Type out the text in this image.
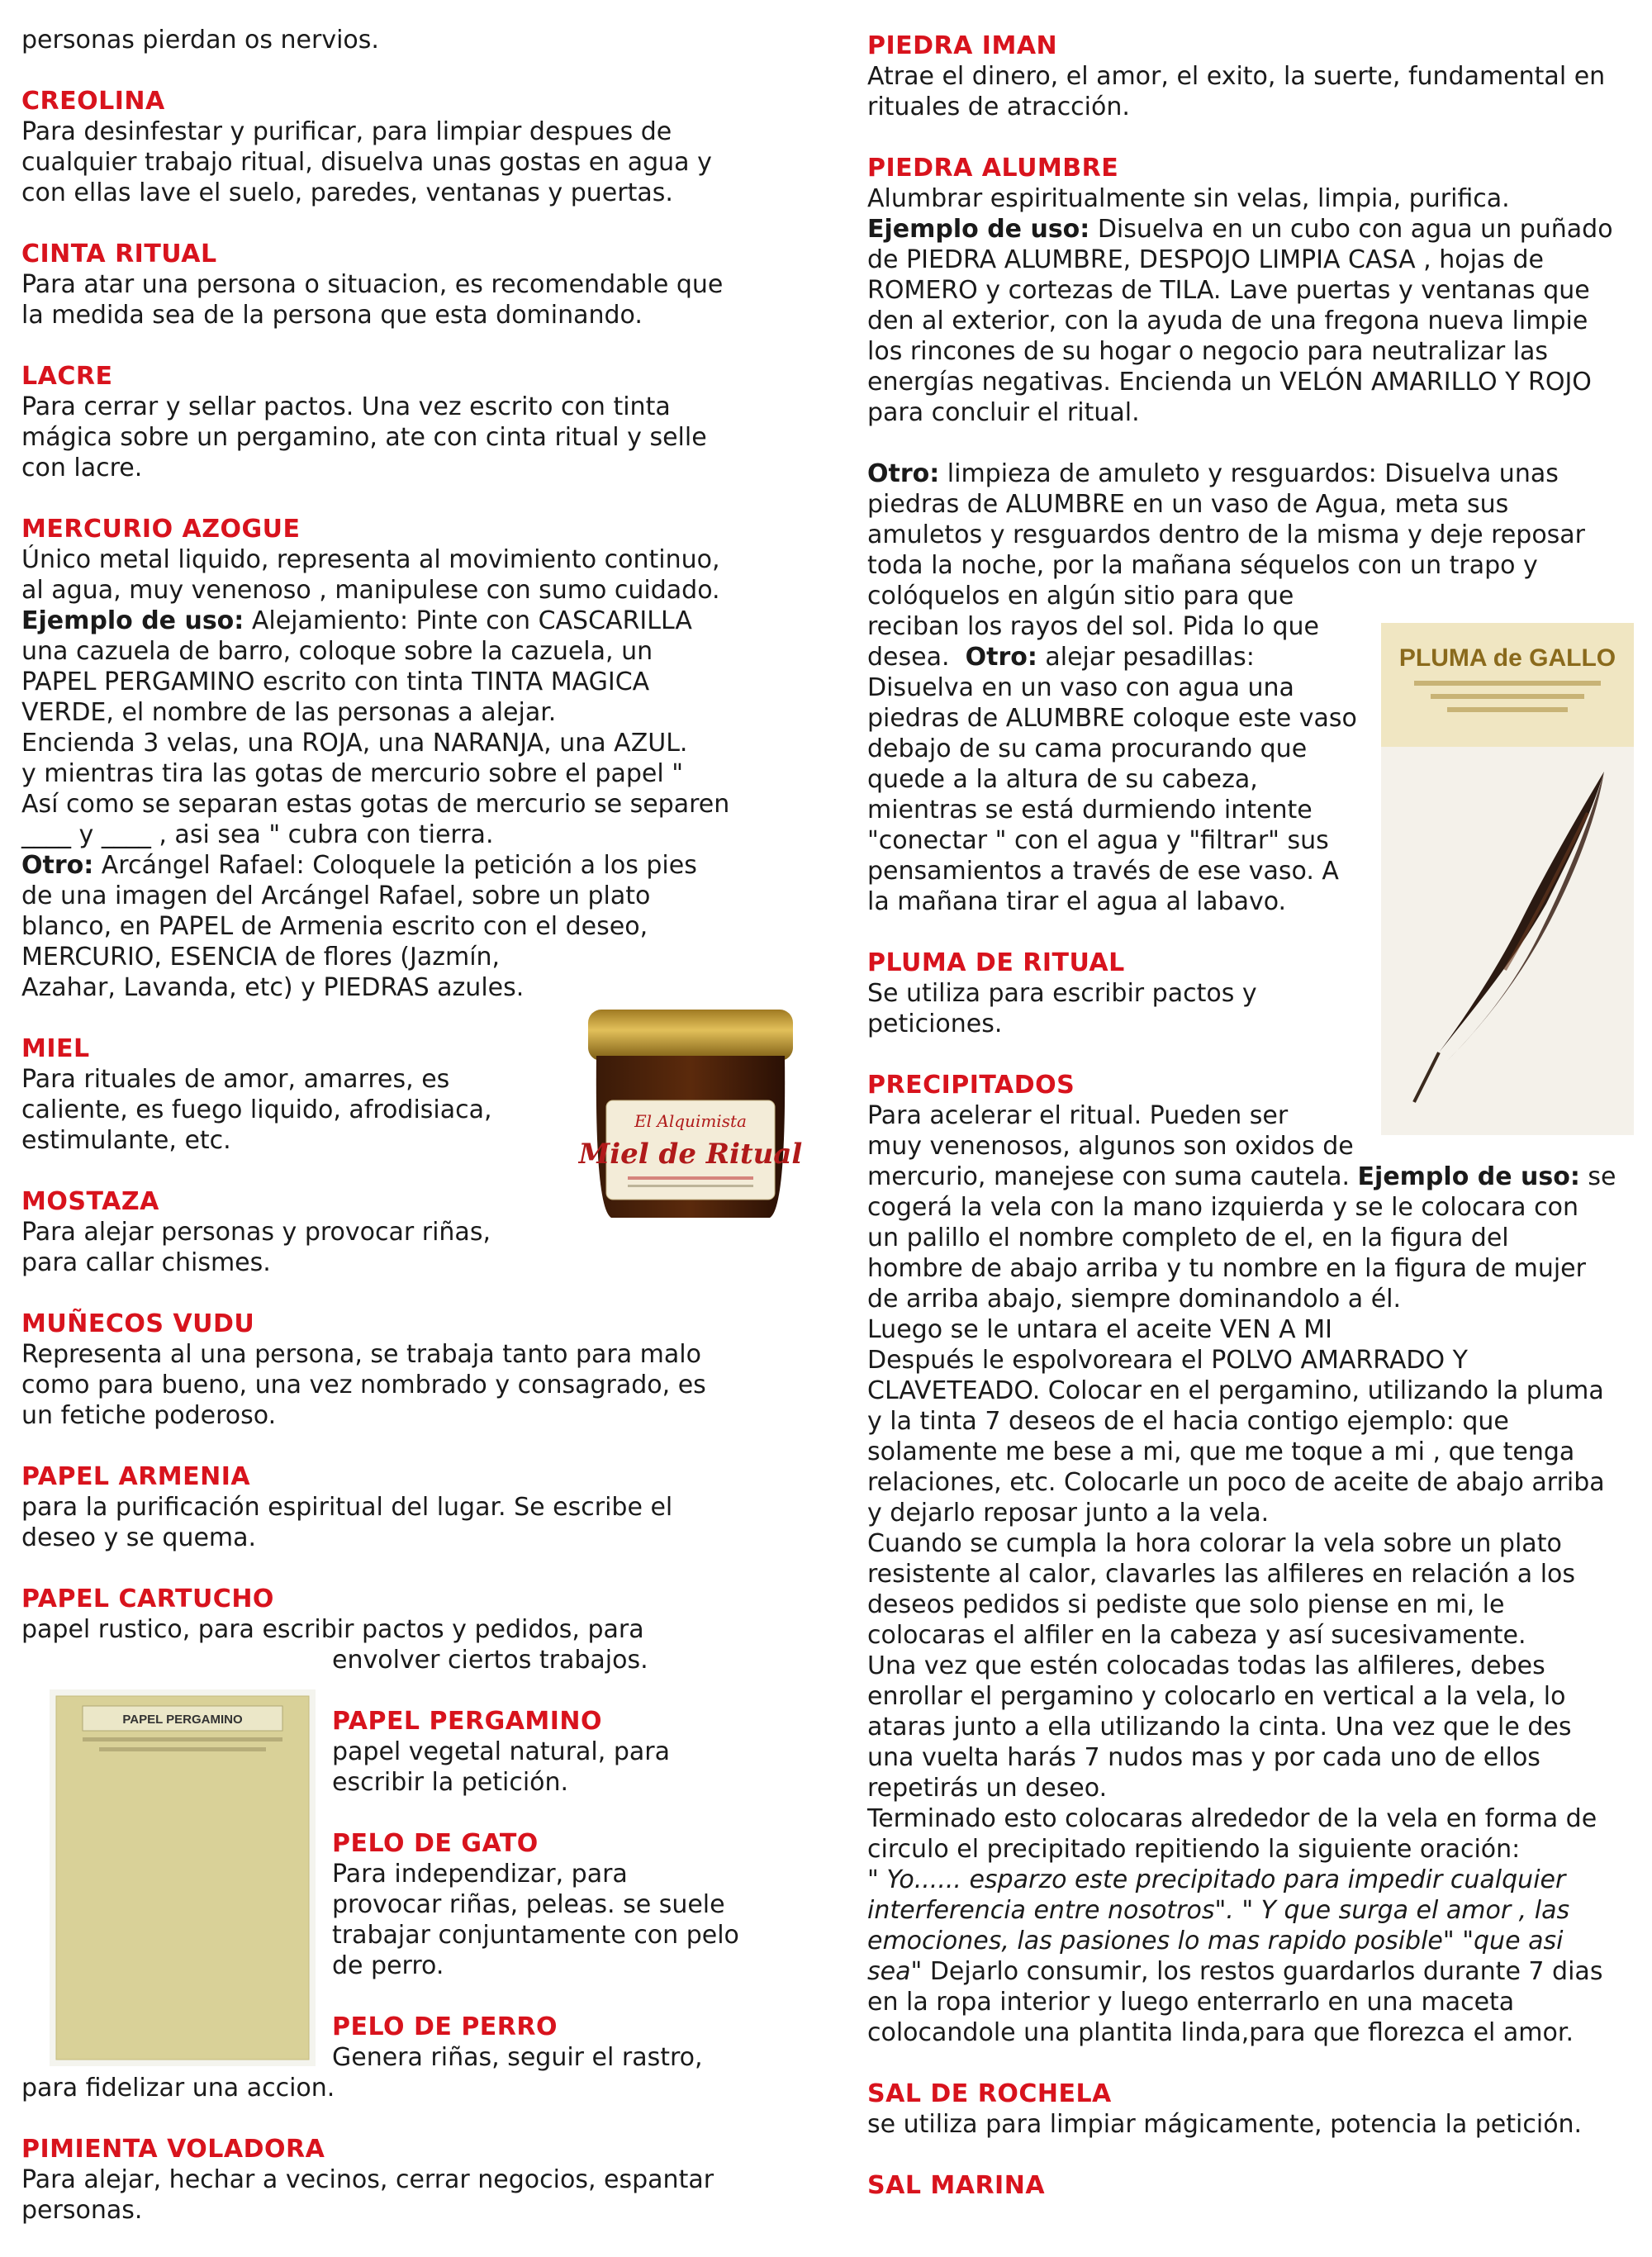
personas pierdan os nervios.

CREOLINA

Para desinfestar y purificar, para limpiar despues de

cualquier trabajo ritual, disuelva unas gostas en agua y

con ellas lave el suelo, paredes, ventanas y puertas.

CINTA RITUAL

Para atar una persona o situacion, es recomendable que

la medida sea de la persona que esta dominando.

LACRE

Para cerrar y sellar pactos. Una vez escrito con tinta

mágica sobre un pergamino, ate con cinta ritual y selle

con lacre.

MERCURIO AZOGUE

Único metal liquido, representa al movimiento continuo,

al agua, muy venenoso , manipulese con sumo cuidado.

Ejemplo de uso: Alejamiento: Pinte con CASCARILLA

una cazuela de barro, coloque sobre la cazuela, un

PAPEL PERGAMINO escrito con tinta TINTA MAGICA

VERDE, el nombre de las personas a alejar.

Encienda 3 velas, una ROJA, una NARANJA, una AZUL.

y mientras tira las gotas de mercurio sobre el papel "

Así como se separan estas gotas de mercurio se separen

____ y ____ , asi sea " cubra con tierra.

Otro: Arcángel Rafael: Coloquele la petición a los pies

de una imagen del Arcángel Rafael, sobre un plato

blanco, en PAPEL de Armenia escrito con el deseo,

MERCURIO, ESENCIA de flores (Jazmín,

Azahar, Lavanda, etc) y PIEDRAS azules.

MIEL

Para rituales de amor, amarres, es

caliente, es fuego liquido, afrodisiaca,

estimulante, etc.

MOSTAZA

Para alejar personas y provocar riñas,

para callar chismes.

MUÑECOS VUDU

Representa al una persona, se trabaja tanto para malo

como para bueno, una vez nombrado y consagrado, es

un fetiche poderoso.

PAPEL ARMENIA

para la purificación espiritual del lugar. Se escribe el

deseo y se quema.

PAPEL CARTUCHO

papel rustico, para escribir pactos y pedidos, para

envolver ciertos trabajos.

PAPEL PERGAMINO

papel vegetal natural, para

escribir la petición.

PELO DE GATO

Para independizar, para

provocar riñas, peleas. se suele

trabajar conjuntamente con pelo

de perro.

PELO DE PERRO

Genera riñas, seguir el rastro,

para fidelizar una accion.

PIMIENTA VOLADORA

Para alejar, hechar a vecinos, cerrar negocios, espantar

personas.

PIEDRA IMAN

Atrae el dinero, el amor, el exito, la suerte, fundamental en

rituales de atracción.

PIEDRA ALUMBRE

Alumbrar espiritualmente sin velas, limpia, purifica.

Ejemplo de uso: Disuelva en un cubo con agua un puñado

de PIEDRA ALUMBRE, DESPOJO LIMPIA CASA , hojas de

ROMERO y cortezas de TILA. Lave puertas y ventanas que

den al exterior, con la ayuda de una fregona nueva limpie

los rincones de su hogar o negocio para neutralizar las

energías negativas. Encienda un VELÓN AMARILLO Y ROJO

para concluir el ritual.

Otro: limpieza de amuleto y resguardos: Disuelva unas

piedras de ALUMBRE en un vaso de Agua, meta sus

amuletos y resguardos dentro de la misma y deje reposar

toda la noche, por la mañana séquelos con un trapo y

colóquelos en algún sitio para que

reciban los rayos del sol. Pida lo que

desea. Otro: alejar pesadillas:

Disuelva en un vaso con agua una

piedras de ALUMBRE coloque este vaso

debajo de su cama procurando que

quede a la altura de su cabeza,

mientras se está durmiendo intente

"conectar " con el agua y "filtrar" sus

pensamientos a través de ese vaso. A

la mañana tirar el agua al labavo.

PLUMA DE RITUAL

Se utiliza para escribir pactos y

peticiones.

PRECIPITADOS

Para acelerar el ritual. Pueden ser

muy venenosos, algunos son oxidos de

mercurio, manejese con suma cautela. Ejemplo de uso: se

cogerá la vela con la mano izquierda y se le colocara con

un palillo el nombre completo de el, en la figura del

hombre de abajo arriba y tu nombre en la figura de mujer

de arriba abajo, siempre dominandolo a él.

Luego se le untara el aceite VEN A MI

Después le espolvoreara el POLVO AMARRADO Y

CLAVETEADO. Colocar en el pergamino, utilizando la pluma

y la tinta 7 deseos de el hacia contigo ejemplo: que

solamente me bese a mi, que me toque a mi , que tenga

relaciones, etc. Colocarle un poco de aceite de abajo arriba

y dejarlo reposar junto a la vela.

Cuando se cumpla la hora colorar la vela sobre un plato

resistente al calor, clavarles las alfileres en relación a los

deseos pedidos si pediste que solo piense en mi, le

colocaras el alfiler en la cabeza y así sucesivamente.

Una vez que estén colocadas todas las alfileres, debes

enrollar el pergamino y colocarlo en vertical a la vela, lo

ataras junto a ella utilizando la cinta. Una vez que le des

una vuelta harás 7 nudos mas y por cada uno de ellos

repetirás un deseo.

Terminado esto colocaras alrededor de la vela en forma de

circulo el precipitado repitiendo la siguiente oración:

" Yo...... esparzo este precipitado para impedir cualquier

interferencia entre nosotros". " Y que surga el amor , las

emociones, las pasiones lo mas rapido posible" "que asi

sea" Dejarlo consumir, los restos guardarlos durante 7 dias

en la ropa interior y luego enterrarlo en una maceta

colocandole una plantita linda,para que florezca el amor.

SAL DE ROCHELA

se utiliza para limpiar mágicamente, potencia la petición.

SAL MARINA
El Alquimista
Miel de Ritual
PLUMA de GALLO
PAPEL PERGAMINO
